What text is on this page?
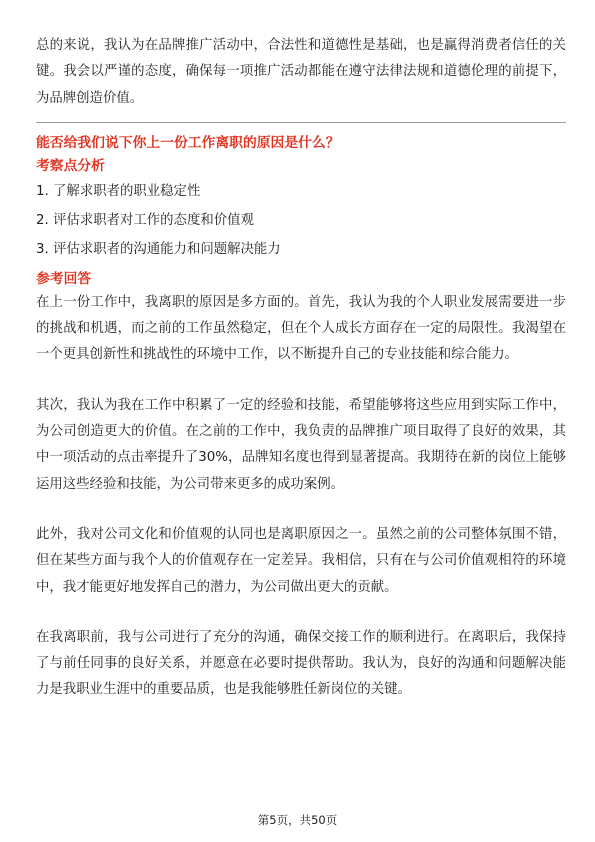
总的来说，我认为在品牌推广活动中，合法性和道德性是基础，也是赢得消费者信任的关键。我会以严谨的态度，确保每一项推广活动都能在遵守法律法规和道德伦理的前提下，为品牌创造价值。

能否给我们说下你上一份工作离职的原因是什么？

考察点分析

1. 了解求职者的职业稳定性

2. 评估求职者对工作的态度和价值观

3. 评估求职者的沟通能力和问题解决能力

参考回答

在上一份工作中，我离职的原因是多方面的。首先，我认为我的个人职业发展需要进一步的挑战和机遇，而之前的工作虽然稳定，但在个人成长方面存在一定的局限性。我渴望在一个更具创新性和挑战性的环境中工作，以不断提升自己的专业技能和综合能力。

其次，我认为我在工作中积累了一定的经验和技能，希望能够将这些应用到实际工作中，为公司创造更大的价值。在之前的工作中，我负责的品牌推广项目取得了良好的效果，其中一项活动的点击率提升了30%，品牌知名度也得到显著提高。我期待在新的岗位上能够运用这些经验和技能，为公司带来更多的成功案例。

此外，我对公司文化和价值观的认同也是离职原因之一。虽然之前的公司整体氛围不错，但在某些方面与我个人的价值观存在一定差异。我相信，只有在与公司价值观相符的环境中，我才能更好地发挥自己的潜力，为公司做出更大的贡献。

在我离职前，我与公司进行了充分的沟通，确保交接工作的顺利进行。在离职后，我保持了与前任同事的良好关系，并愿意在必要时提供帮助。我认为，良好的沟通和问题解决能力是我职业生涯中的重要品质，也是我能够胜任新岗位的关键。

第5页，共50页
